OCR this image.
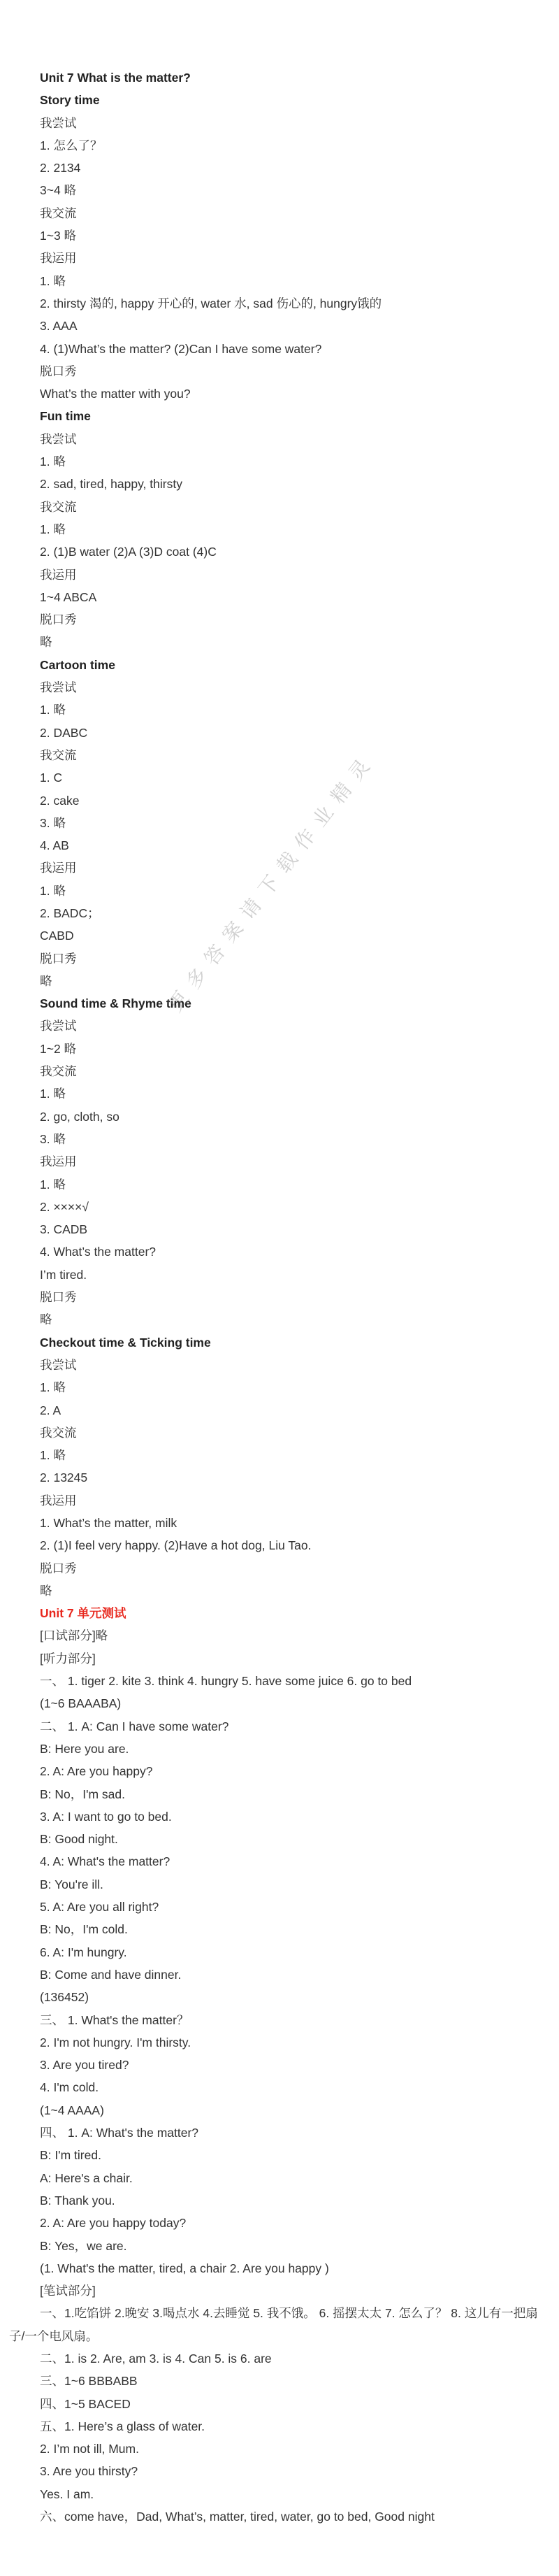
Unit 7 What is the matter?

Story time

我尝试

1. 怎么了？

2. 2134

3~4 略

我交流

1~3 略

我运用

1. 略

2. thirsty 渴的, happy 开心的, water 水, sad 伤心的, hungry饿的

3. AAA

4. (1)What’s the matter? (2)Can I have some water?

脱口秀

What’s the matter with you?

Fun time

我尝试

1. 略

2. sad, tired, happy, thirsty

我交流

1. 略

2. (1)B water (2)A (3)D coat (4)C

我运用

1~4 ABCA

脱口秀

略

Cartoon time

我尝试

1. 略

2. DABC

我交流

1. C

2. cake

3. 略

4. AB

我运用

1. 略

2. BADC；

CABD

脱口秀

略

Sound time & Rhyme time

我尝试

1~2 略

我交流

1. 略

2. go, cloth, so

3. 略

我运用

1. 略

2. ××××√

3. CADB

4. What’s the matter?

I’m tired.

脱口秀

略

Checkout time & Ticking time

我尝试

1. 略

2. A

我交流

1. 略

2. 13245

我运用

1. What’s the matter, milk

2. (1)I feel very happy. (2)Have a hot dog, Liu Tao.

脱口秀

略

Unit 7 单元测试

[口试部分]略

[听力部分]

一、 1. tiger 2. kite 3. think 4. hungry 5. have some juice 6. go to bed

(1~6 BAAABA)

二、 1. A: Can I have some water?

B: Here you are.

2. A: Are you happy?

B: No，I'm sad.

3. A: I want to go to bed.

B: Good night.

4. A: What's the matter?

B: You're ill.

5. A: Are you all right?

B: No，I'm cold.

6. A: I'm hungry.

B: Come and have dinner.

(136452)

三、 1. What's the matter？

2. I'm not hungry. I'm thirsty.

3. Are you tired?

4. I'm cold.

(1~4 AAAA)

四、 1. A: What's the matter?

B: I'm tired.

A: Here's a chair.

B: Thank you.

2. A: Are you happy today?

B: Yes，we are.

(1. What's the matter, tired, a chair 2. Are you happy )

[笔试部分]

一、1.吃馅饼 2.晚安 3.喝点水 4.去睡觉 5. 我不饿。 6. 摇摆太太 7. 怎么了？ 8. 这儿有一把扇子/一个电风扇。

二、1. is 2. Are, am 3. is 4. Can 5. is 6. are

三、1~6 BBBABB

四、1~5 BACED

五、1. Here’s a glass of water.

2. I’m not ill, Mum.

3. Are you thirsty?

Yes. I am.

六、come have，Dad, What’s, matter, tired, water, go to bed, Good night

更多答案请下载作业精灵
